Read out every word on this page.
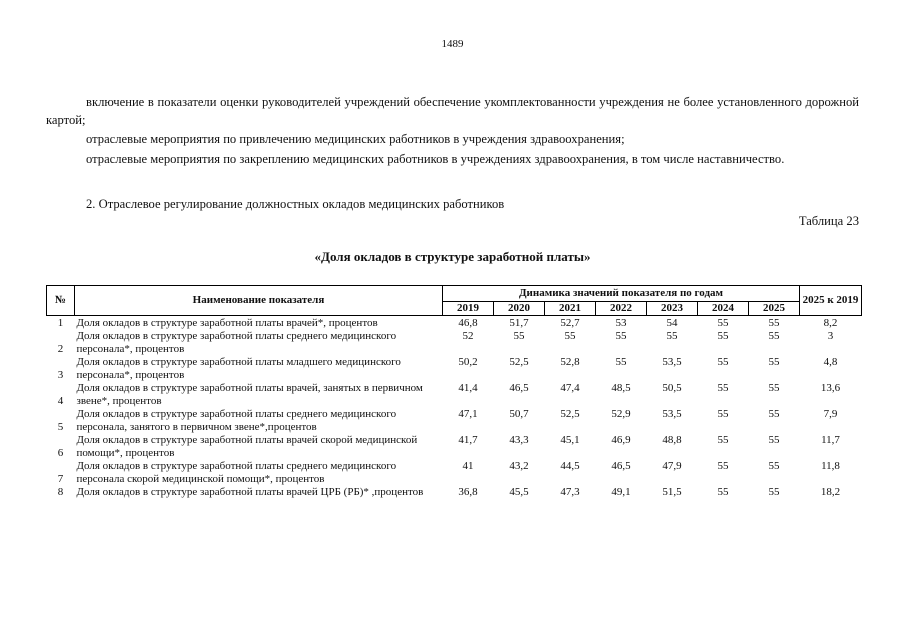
1489

включение в показатели оценки руководителей учреждений обеспечение укомплектованности учреждения не более установленного дорожной картой;

отраслевые мероприятия по привлечению медицинских работников в учреждения здравоохранения;

отраслевые мероприятия по закреплению медицинских работников в учреждениях здравоохранения, в том числе наставничество.

2. Отраслевое регулирование должностных окладов медицинских работников
Таблица 23
«Доля окладов в структуре заработной платы»
№	Наименование показателя	Динамика значений показателя по годам							2025 к 2019
		2019	2020	2021	2022	2023	2024	2025	
1	Доля окладов в структуре заработной платы врачей*, процентов	46,8	51,7	52,7	53	54	55	55	8,2
2	Доля окладов в структуре заработной платы среднего медицинского персонала*, процентов	52	55	55	55	55	55	55	3
3	Доля окладов в структуре заработной платы младшего медицинского персонала*, процентов	50,2	52,5	52,8	55	53,5	55	55	4,8
4	Доля окладов в структуре заработной платы врачей, занятых в первичном звене*, процентов	41,4	46,5	47,4	48,5	50,5	55	55	13,6
5	Доля окладов в структуре заработной платы среднего медицинского персонала, занятого в первичном звене*,процентов	47,1	50,7	52,5	52,9	53,5	55	55	7,9
6	Доля окладов в структуре заработной платы врачей скорой медицинской помощи*, процентов	41,7	43,3	45,1	46,9	48,8	55	55	11,7
7	Доля окладов в структуре заработной платы среднего медицинского персонала скорой медицинской помощи*, процентов	41	43,2	44,5	46,5	47,9	55	55	11,8
8	Доля окладов в структуре заработной платы врачей ЦРБ (РБ)* ,процентов	36,8	45,5	47,3	49,1	51,5	55	55	18,2
